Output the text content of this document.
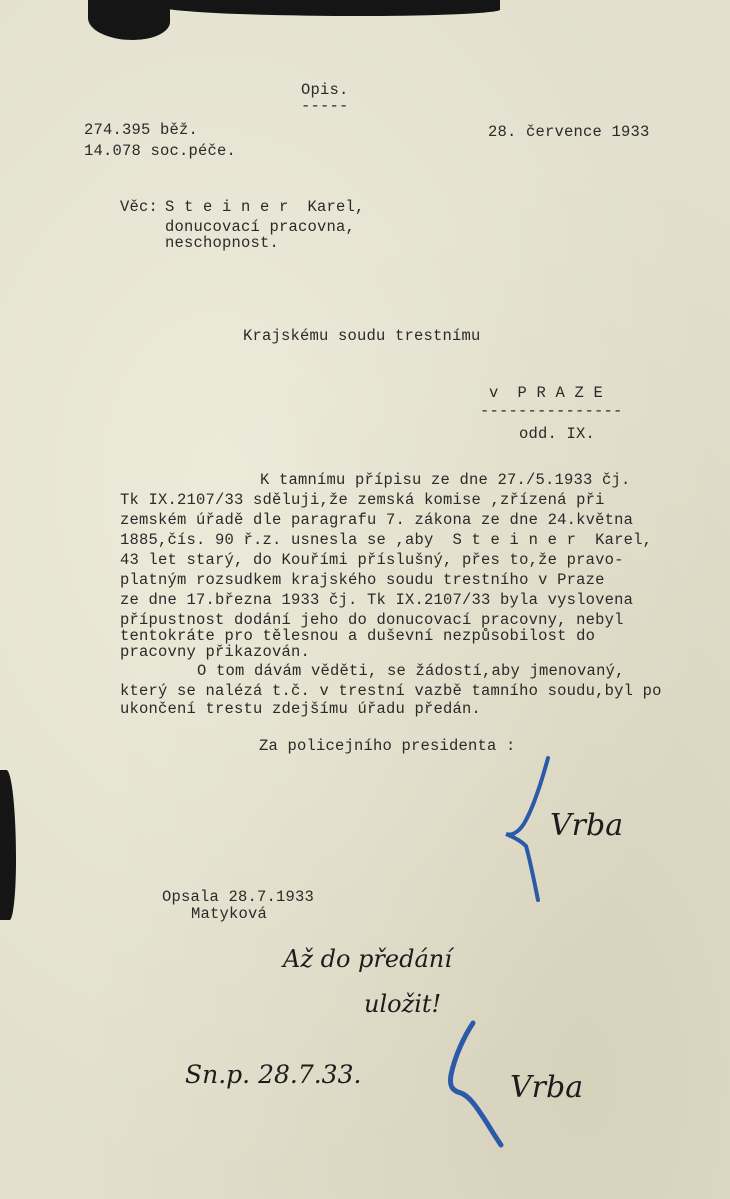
Opis.
-----
274.395 běž.
14.078 soc.péče.
28. července 1933
Věc: S t e i n e r  Karel,
donucovací pracovna,
neschopnost.
Krajskému soudu trestnímu
v  P R A Z E
---------------
odd. IX.
K tamnímu přípisu ze dne 27./5.1933 čj.
Tk IX.2107/33 sděluji,že zemská komise ,zřízená při
zemském úřadě dle paragrafu 7. zákona ze dne 24.května
1885,čís. 90 ř.z. usnesla se ,aby  S t e i n e r  Karel,
43 let starý, do Kouřími příslušný, přes to,že pravo-
platným rozsudkem krajského soudu trestního v Praze
ze dne 17.března 1933 čj. Tk IX.2107/33 byla vyslovena
přípustnost dodání jeho do donucovací pracovny, nebyl
tentokráte pro tělesnou a duševní nezpůsobilost do
pracovny přikazován.
O tom dávám věděti, se žádostí,aby jmenovaný,
který se nalézá t.č. v trestní vazbě tamního soudu,byl po
ukončení trestu zdejšímu úřadu předán.
Za policejního presidenta :
Vrba
Opsala 28.7.1933
Matyková
Až do předání
uložit!
Sn.p. 28.7.33.	Vrba
